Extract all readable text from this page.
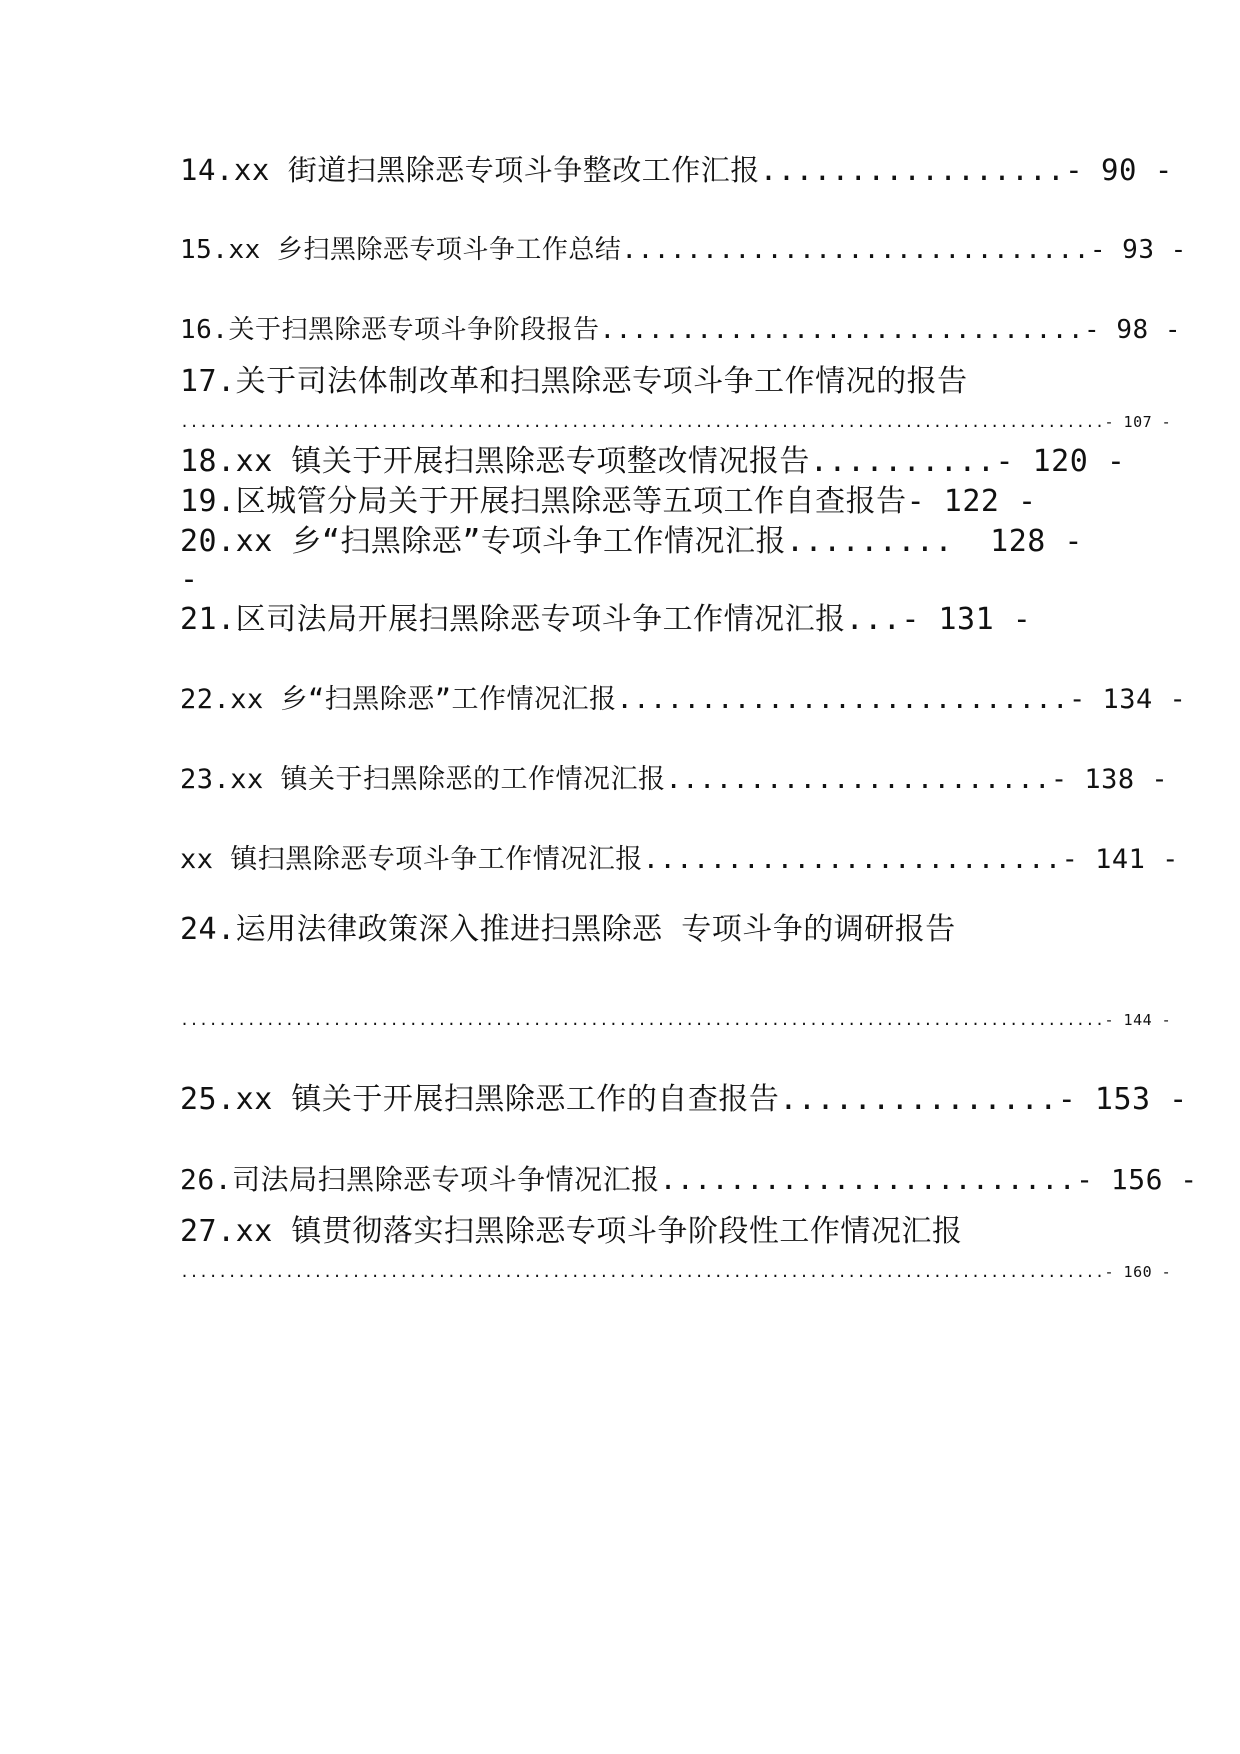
14.xx 街道扫黑除恶专项斗争整改工作汇报.................- 90 -
15.xx 乡扫黑除恶专项斗争工作总结.............................- 93 -
16.关于扫黑除恶专项斗争阶段报告..............................- 98 -
17.关于司法体制改革和扫黑除恶专项斗争工作情况的报告
.................................................................................................- 107 -
18.xx 镇关于开展扫黑除恶专项整改情况报告..........- 120 -
19.区城管分局关于开展扫黑除恶等五项工作自查报告- 122 -
20.xx 乡“扫黑除恶”专项斗争工作情况汇报.........  128 -
-
21.区司法局开展扫黑除恶专项斗争工作情况汇报...- 131 -
22.xx 乡“扫黑除恶”工作情况汇报...........................- 134 -
23.xx 镇关于扫黑除恶的工作情况汇报.......................- 138 -
xx 镇扫黑除恶专项斗争工作情况汇报.........................- 141 -
24.运用法律政策深入推进扫黑除恶 专项斗争的调研报告
.................................................................................................- 144 -
25.xx 镇关于开展扫黑除恶工作的自查报告...............- 153 -
26.司法局扫黑除恶专项斗争情况汇报........................- 156 -
27.xx 镇贯彻落实扫黑除恶专项斗争阶段性工作情况汇报
.................................................................................................- 160 -
